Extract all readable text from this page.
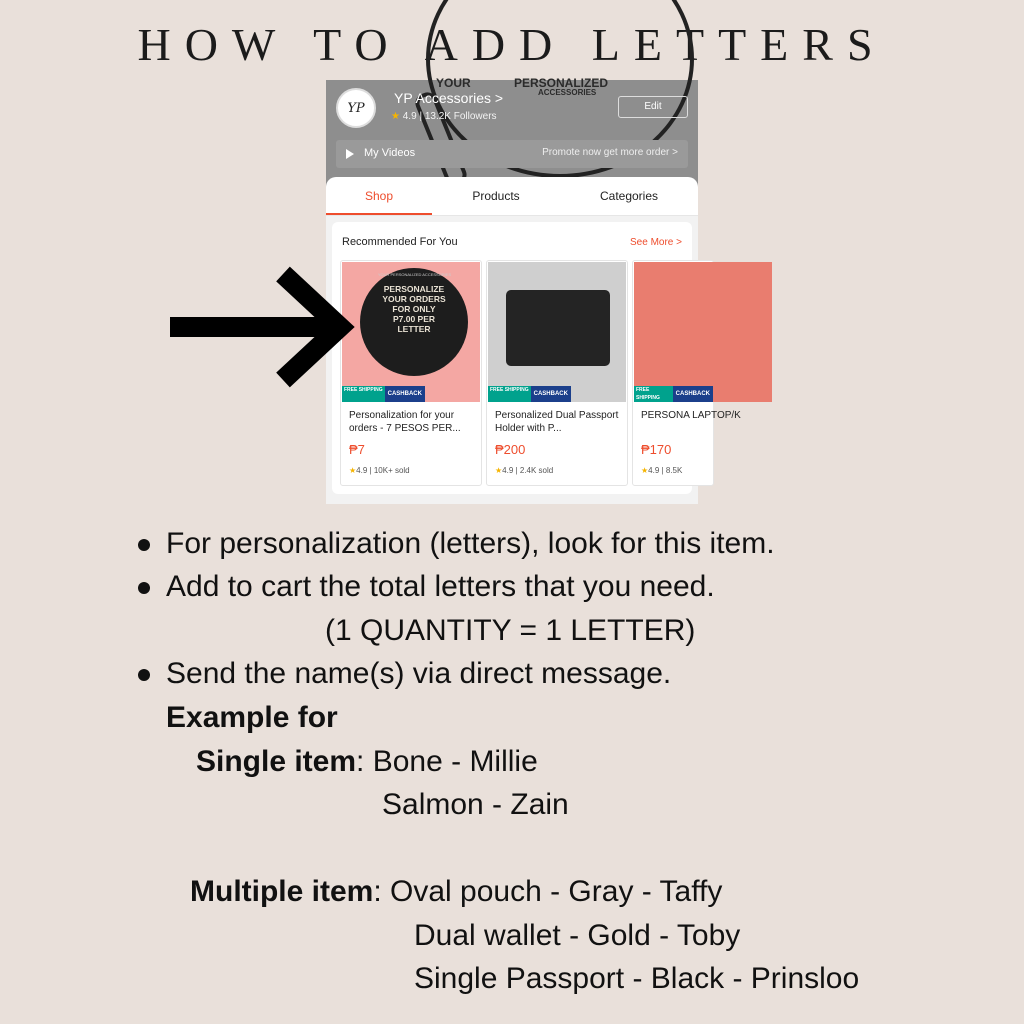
HOW TO ADD LETTERS
YOUR	PERSONALIZED
ACCESSORIES
YP
YP Accessories >
★ 4.9 | 13.2K Followers
Edit
My Videos	Promote now get more order >
Shop	Products	Categories
Recommended For You	See More >
YOUR PERSONALIZED ACCESSORIES
PERSONALIZE
YOUR ORDERS
FOR ONLY
P7.00 PER
LETTER
FREE SHIPPING
CASHBACK
Personalization for your orders - 7 PESOS PER...
₱7
★4.9 | 10K+ sold
FREE SHIPPING
CASHBACK
Personalized Dual Passport Holder with P...
₱200
★4.9 | 2.4K sold
FREE SHIPPING
CASHBACK
PERSONA LAPTOP/K
₱170
★4.9 | 8.5K
For personalization (letters), look for this item.
Add to cart the total letters that you need.
(1 QUANTITY = 1 LETTER)
Send the name(s) via direct message.
Example for
Single item: Bone - Millie
Salmon - Zain
Multiple item: Oval pouch - Gray - Taffy
Dual wallet - Gold - Toby
Single Passport - Black - Prinsloo
